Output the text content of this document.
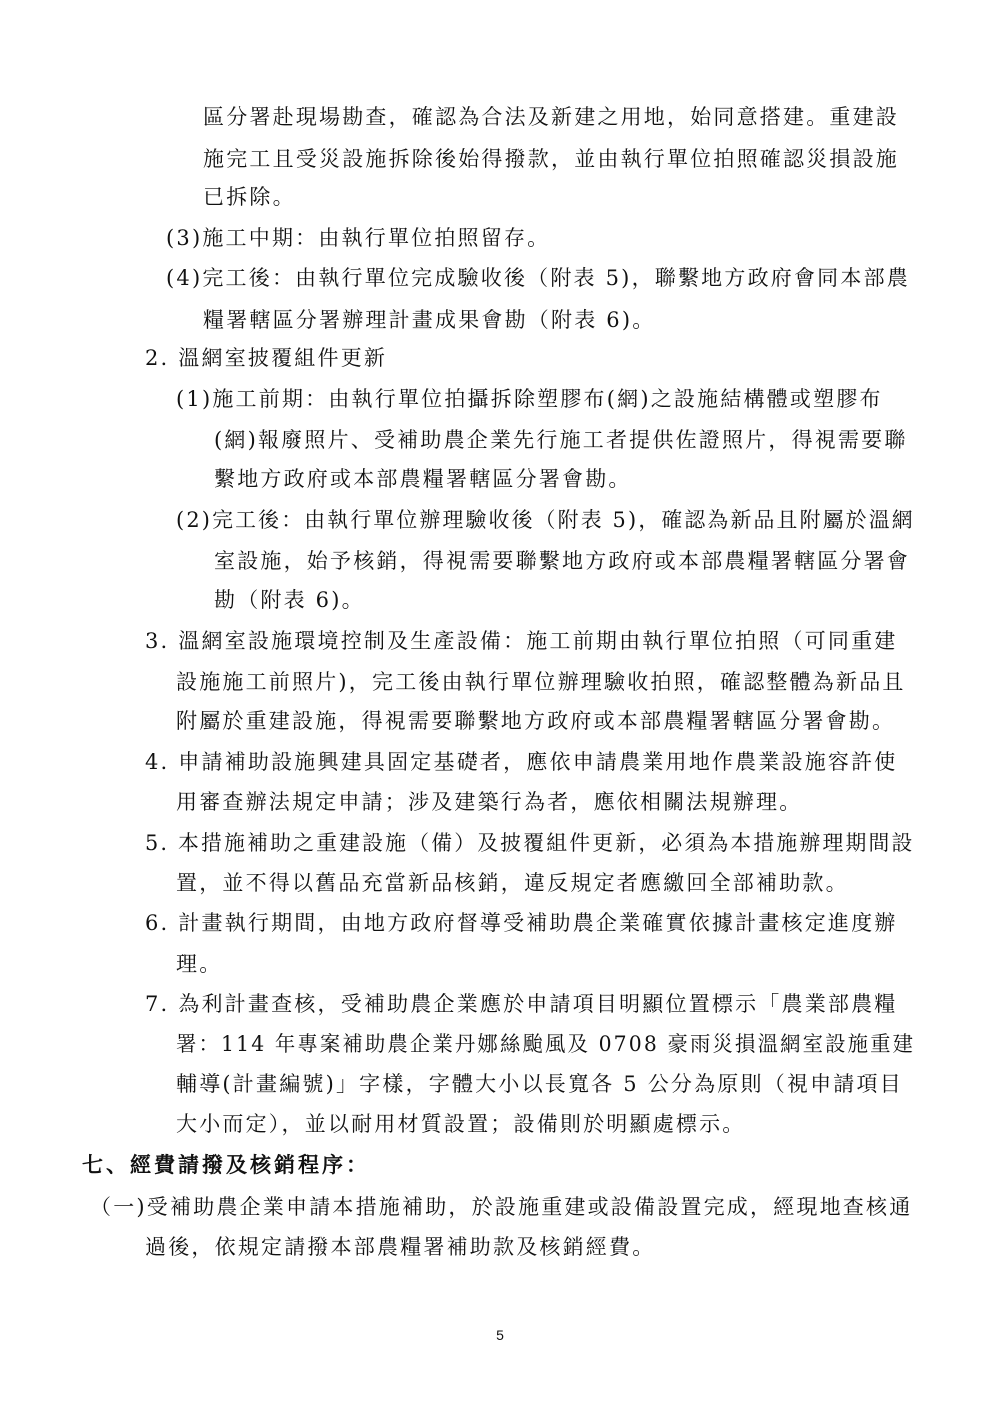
區分署赴現場勘查，確認為合法及新建之用地，始同意搭建。重建設
施完工且受災設施拆除後始得撥款，並由執行單位拍照確認災損設施
已拆除。
(3)施工中期：由執行單位拍照留存。
(4)完工後：由執行單位完成驗收後（附表 5)，聯繫地方政府會同本部農
糧署轄區分署辦理計畫成果會勘（附表 6)。
2. 溫網室披覆組件更新
(1)施工前期：由執行單位拍攝拆除塑膠布(網)之設施結構體或塑膠布
(網)報廢照片、受補助農企業先行施工者提供佐證照片，得視需要聯
繫地方政府或本部農糧署轄區分署會勘。
(2)完工後：由執行單位辦理驗收後（附表 5)，確認為新品且附屬於溫網
室設施，始予核銷，得視需要聯繫地方政府或本部農糧署轄區分署會
勘（附表 6)。
3. 溫網室設施環境控制及生產設備：施工前期由執行單位拍照（可同重建
設施施工前照片)，完工後由執行單位辦理驗收拍照，確認整體為新品且
附屬於重建設施，得視需要聯繫地方政府或本部農糧署轄區分署會勘。
4. 申請補助設施興建具固定基礎者，應依申請農業用地作農業設施容許使
用審查辦法規定申請；涉及建築行為者，應依相關法規辦理。
5. 本措施補助之重建設施（備）及披覆組件更新，必須為本措施辦理期間設
置，並不得以舊品充當新品核銷，違反規定者應繳回全部補助款。
6. 計畫執行期間，由地方政府督導受補助農企業確實依據計畫核定進度辦
理。
7. 為利計畫查核，受補助農企業應於申請項目明顯位置標示「農業部農糧
署：114 年專案補助農企業丹娜絲颱風及 0708 豪雨災損溫網室設施重建
輔導(計畫編號)」字樣，字體大小以長寬各 5 公分為原則（視申請項目
大小而定），並以耐用材質設置；設備則於明顯處標示。
七、經費請撥及核銷程序：
（一)受補助農企業申請本措施補助，於設施重建或設備設置完成，經現地查核通
過後，依規定請撥本部農糧署補助款及核銷經費。
5
